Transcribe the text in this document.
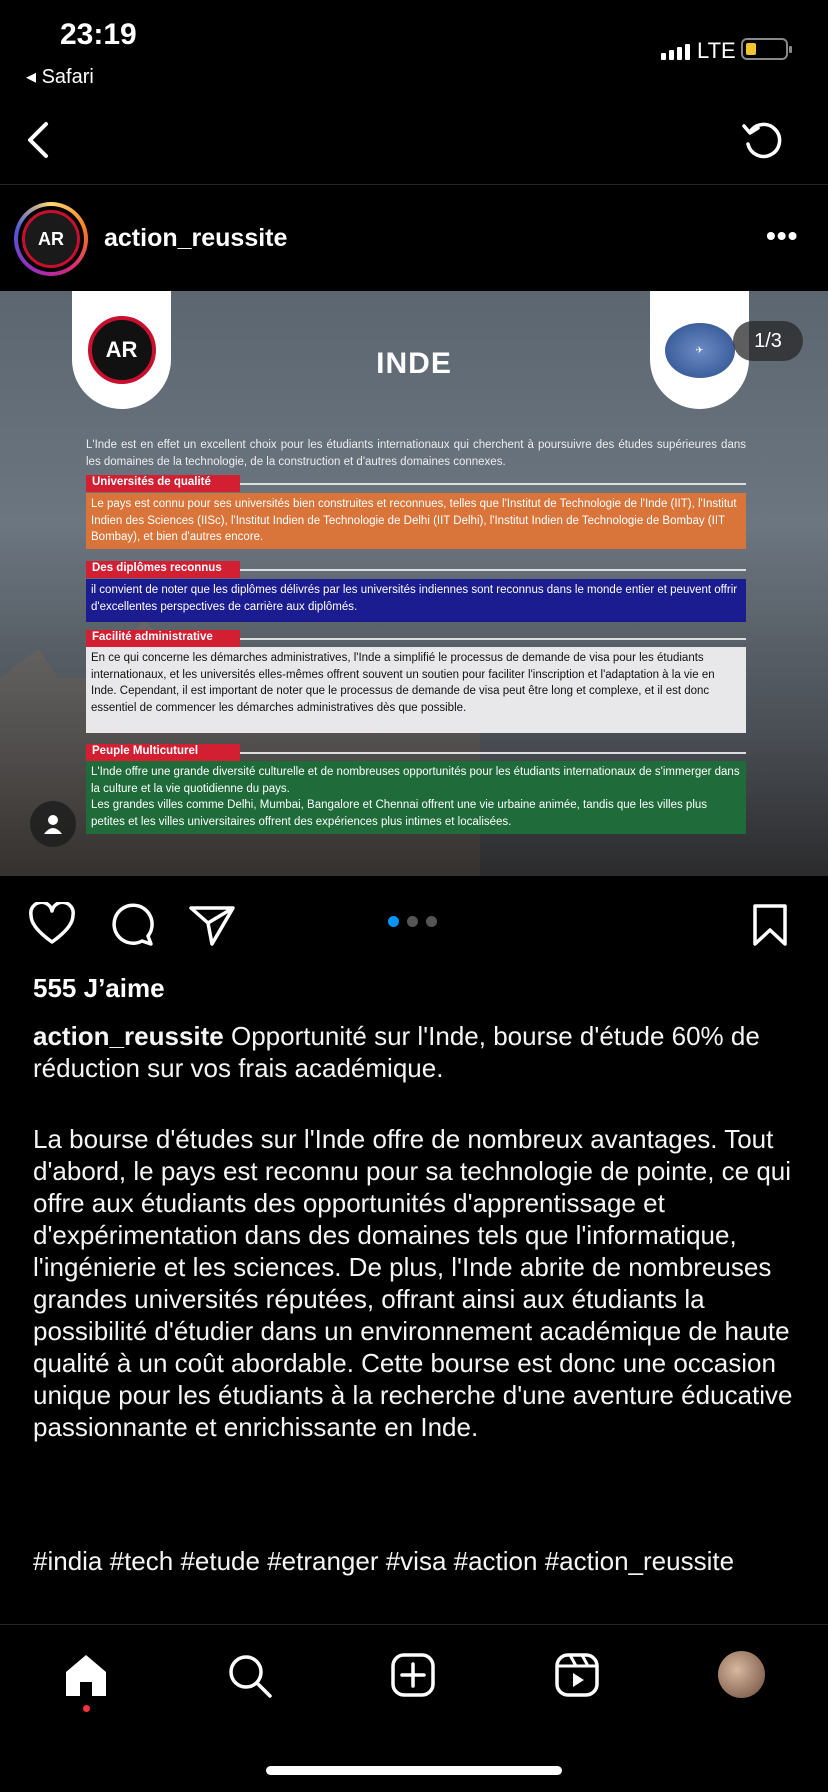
23:19
◂ Safari
LTE
AR	action_reussite	•••
AR	✈
INDE
1/3
L'Inde est en effet un excellent choix pour les étudiants internationaux qui cherchent à poursuivre des études supérieures dans les domaines de la technologie, de la construction et d'autres domaines connexes.
Universités de qualité
Le pays est connu pour ses universités bien construites et reconnues, telles que l'Institut de Technologie de l'Inde (IIT), l'Institut Indien des Sciences (IISc), l'Institut Indien de Technologie de Delhi (IIT Delhi), l'Institut Indien de Technologie de Bombay (IIT Bombay), et bien d'autres encore.
Des diplômes reconnus
il convient de noter que les diplômes délivrés par les universités indiennes sont reconnus dans le monde entier et peuvent offrir d'excellentes perspectives de carrière aux diplômés.
Facilité administrative
En ce qui concerne les démarches administratives, l'Inde a simplifié le processus de demande de visa pour les étudiants internationaux, et les universités elles-mêmes offrent souvent un soutien pour faciliter l'inscription et l'adaptation à la vie en Inde. Cependant, il est important de noter que le processus de demande de visa peut être long et complexe, et il est donc essentiel de commencer les démarches administratives dès que possible.
Peuple Multicuturel
L'Inde offre une grande diversité culturelle et de nombreuses opportunités pour les étudiants internationaux de s'immerger dans la culture et la vie quotidienne du pays.
Les grandes villes comme Delhi, Mumbai, Bangalore et Chennai offrent une vie urbaine animée, tandis que les villes plus petites et les villes universitaires offrent des expériences plus intimes et localisées.
555 J’aime
action_reussite Opportunité sur l'Inde, bourse d'étude 60% de réduction sur vos frais académique.
La bourse d'études sur l'Inde offre de nombreux avantages. Tout d'abord, le pays est reconnu pour sa technologie de pointe, ce qui offre aux étudiants des opportunités d'apprentissage et d'expérimentation dans des domaines tels que l'informatique, l'ingénierie et les sciences. De plus, l'Inde abrite de nombreuses grandes universités réputées, offrant ainsi aux étudiants la possibilité d'étudier dans un environnement académique de haute qualité à un coût abordable. Cette bourse est donc une occasion unique pour les étudiants à la recherche d'une aventure éducative passionnante et enrichissante en Inde.
#india #tech #etude #etranger #visa #action #action_reussite
